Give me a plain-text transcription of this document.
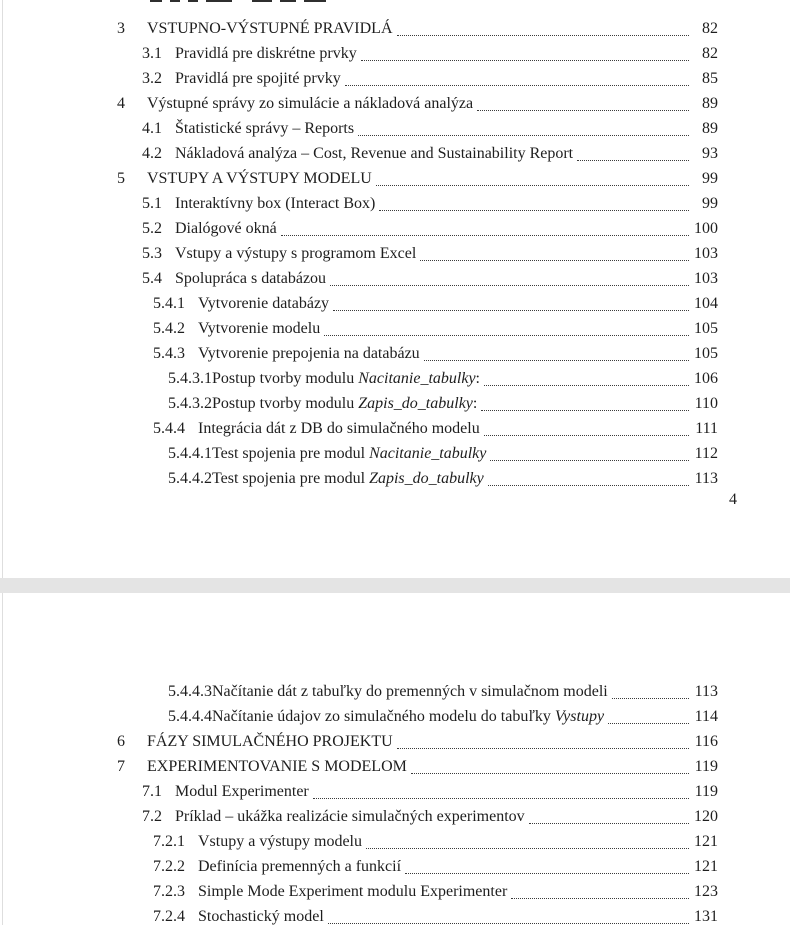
3	VSTUPNO-VÝSTUPNÉ PRAVIDLÁ	82
3.1 Pravidlá pre diskrétne prvky	82
3.2 Pravidlá pre spojité prvky	85
4	Výstupné správy zo simulácie a nákladová analýza	89
4.1 Štatistické správy – Reports	89
4.2 Nákladová analýza – Cost, Revenue and Sustainability Report	93
5	VSTUPY A VÝSTUPY MODELU	99
5.1 Interaktívny box (Interact Box)	99
5.2 Dialógové okná	100
5.3 Vstupy a výstupy s programom Excel	103
5.4 Spolupráca s databázou	103
5.4.1 Vytvorenie databázy	104
5.4.2 Vytvorenie modelu	105
5.4.3 Vytvorenie prepojenia na databázu	105
5.4.3.1 Postup tvorby modulu Nacitanie_tabulky:	106
5.4.3.2 Postup tvorby modulu Zapis_do_tabulky:	110
5.4.4 Integrácia dát z DB do simulačného modelu	111
5.4.4.1 Test spojenia pre modul Nacitanie_tabulky	112
5.4.4.2 Test spojenia pre modul Zapis_do_tabulky	113
4
5.4.4.3 Načítanie dát z tabuľky do premenných v simulačnom modeli	113
5.4.4.4 Načítanie údajov zo simulačného modelu do tabuľky Vystupy	114
6	FÁZY SIMULAČNÉHO PROJEKTU	116
7	EXPERIMENTOVANIE S MODELOM	119
7.1 Modul Experimenter	119
7.2 Príklad – ukážka realizácie simulačných experimentov	120
7.2.1 Vstupy a výstupy modelu	121
7.2.2 Definícia premenných a funkcií	121
7.2.3 Simple Mode Experiment modulu Experimenter	123
7.2.4 Stochastický model	131
